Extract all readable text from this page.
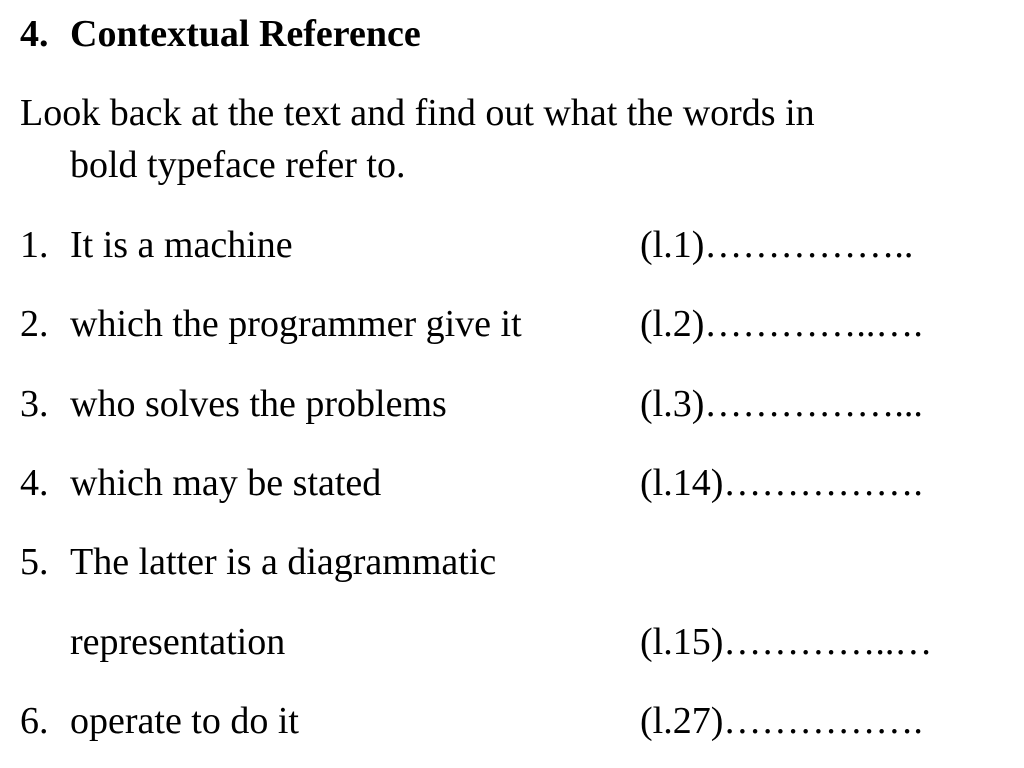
4. Contextual Reference
Look back at the text and find out what the words in
bold typeface refer to.
1. It is a machine	(l.1)……………..
2. which the programmer give it	(l.2)…………..….
3. who solves the problems	(l.3)……………...
4. which may be stated	(l.14)…………….
5. The latter is a diagrammatic
representation	(l.15)…………..…
6. operate to do it	(l.27)…………….
